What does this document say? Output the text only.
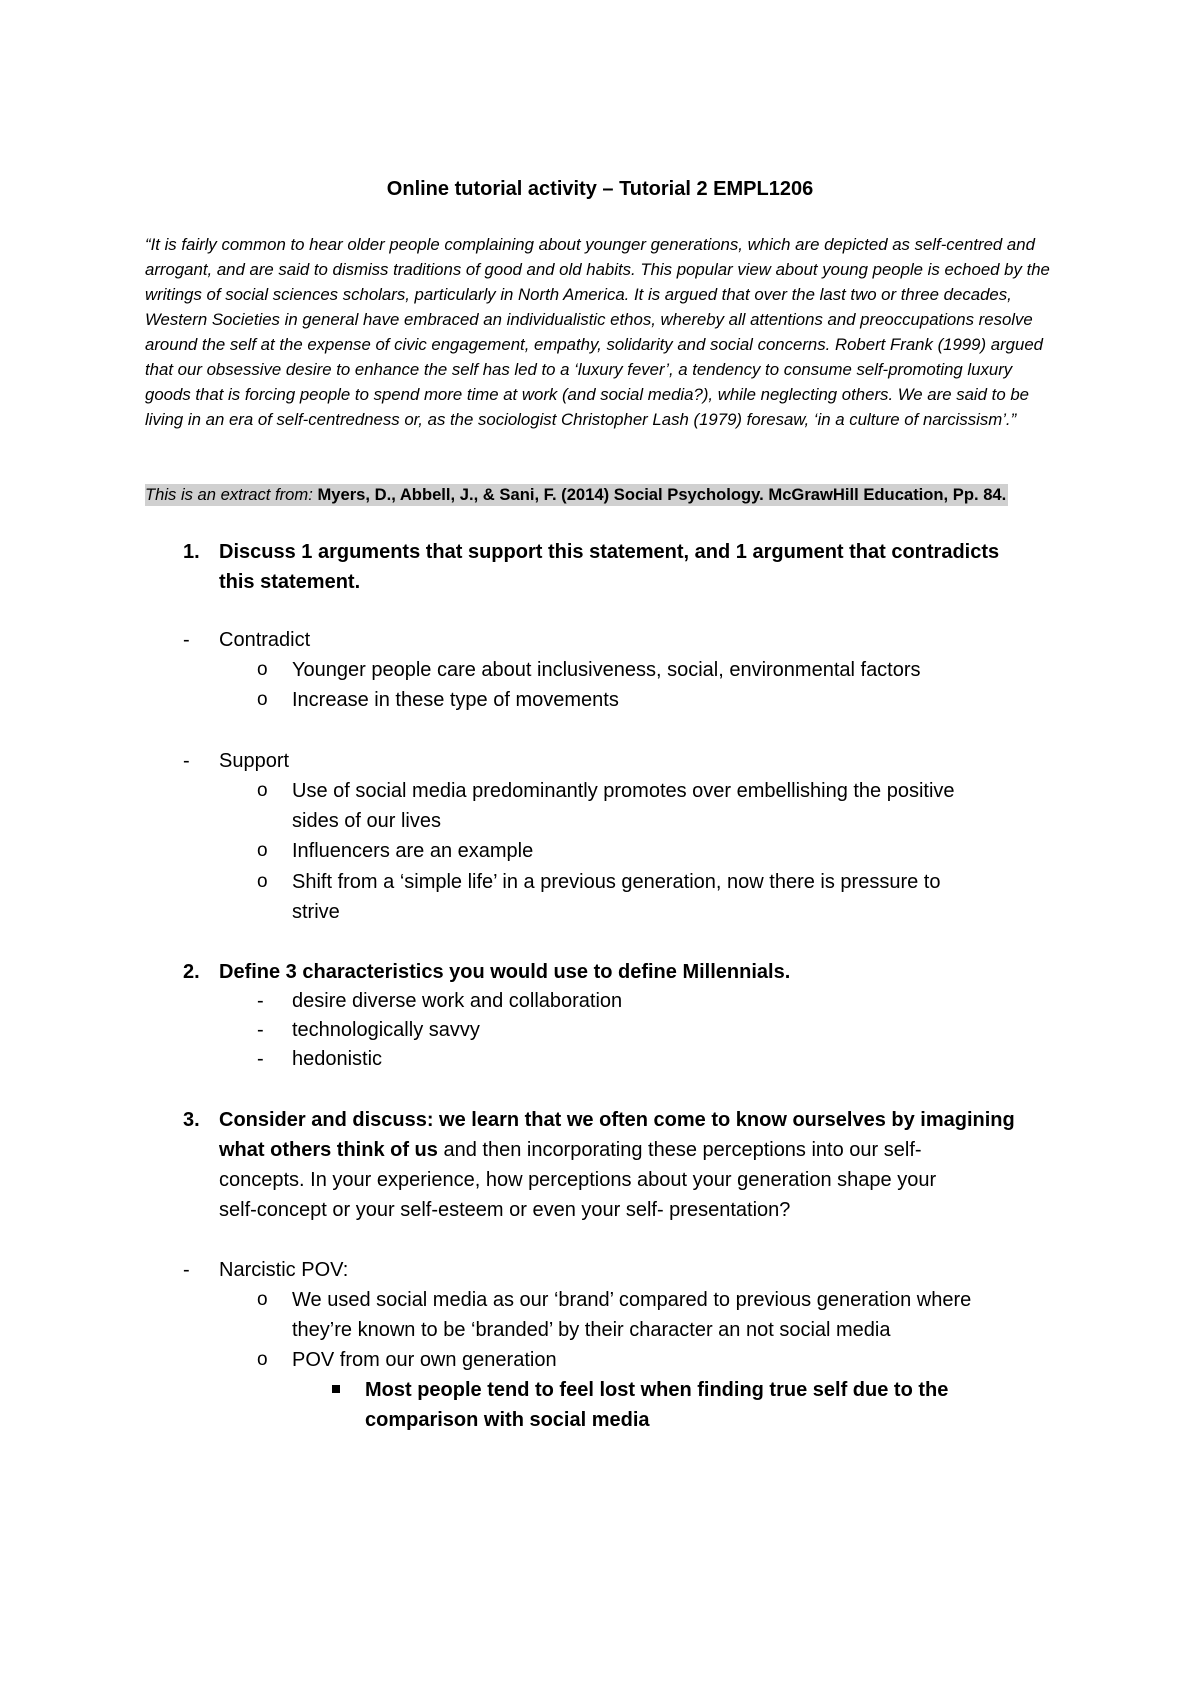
Online tutorial activity – Tutorial 2 EMPL1206

“It is fairly common to hear older people complaining about younger generations, which are depicted as self-centred and arrogant, and are said to dismiss traditions of good and old habits. This popular view about young people is echoed by the writings of social sciences scholars, particularly in North America. It is argued that over the last two or three decades, Western Societies in general have embraced an individualistic ethos, whereby all attentions and preoccupations resolve around the self at the expense of civic engagement, empathy, solidarity and social concerns. Robert Frank (1999) argued that our obsessive desire to enhance the self has led to a ‘luxury fever’, a tendency to consume self-promoting luxury goods that is forcing people to spend more time at work (and social media?), while neglecting others. We are said to be living in an era of self-centredness or, as the sociologist Christopher Lash (1979) foresaw, ‘in a culture of narcissism’.”

This is an extract from: Myers, D., Abbell, J., & Sani, F. (2014) Social Psychology. McGrawHill Education, Pp. 84.
1. Discuss 1 arguments that support this statement, and 1 argument that contradicts
this statement.
- Contradict
o Younger people care about inclusiveness, social, environmental factors
o Increase in these type of movements
- Support
o Use of social media predominantly promotes over embellishing the positive
sides of our lives
o Influencers are an example
o Shift from a ‘simple life’ in a previous generation, now there is pressure to
strive
2. Define 3 characteristics you would use to define Millennials.
- desire diverse work and collaboration
- technologically savvy
- hedonistic
3. Consider and discuss: we learn that we often come to know ourselves by imagining
what others think of us and then incorporating these perceptions into our self-
concepts. In your experience, how perceptions about your generation shape your
self-concept or your self-esteem or even your self- presentation?
- Narcistic POV:
o We used social media as our ‘brand’ compared to previous generation where
they’re known to be ‘branded’ by their character an not social media
o POV from our own generation
Most people tend to feel lost when finding true self due to the
comparison with social media
